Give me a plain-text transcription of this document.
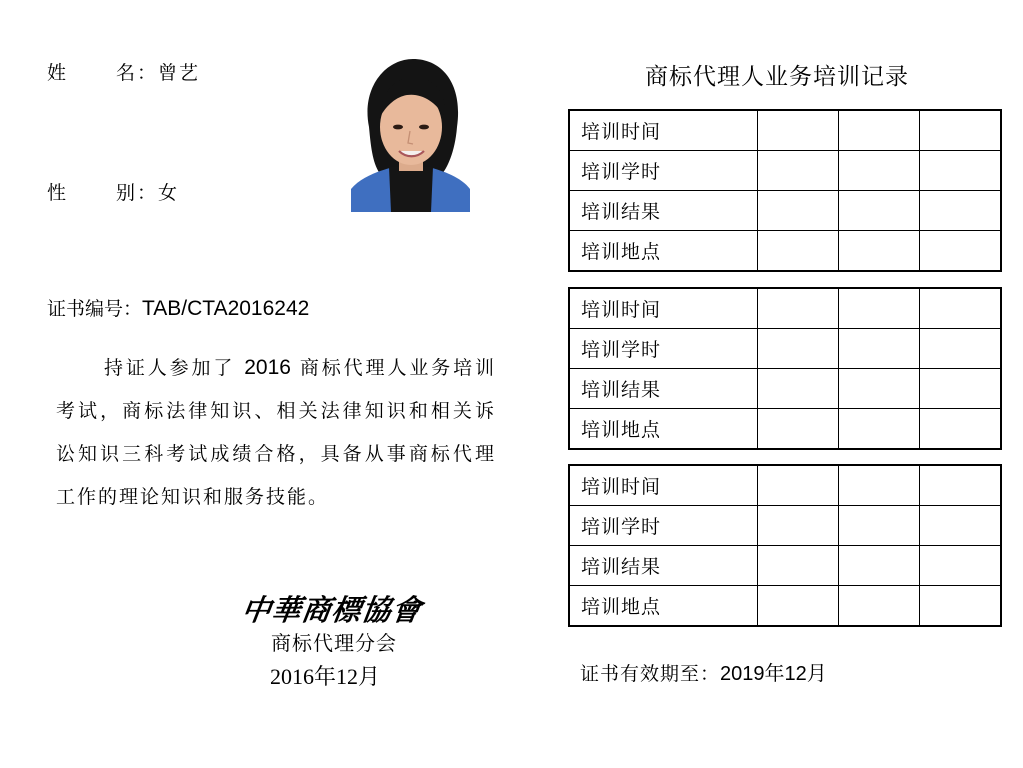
姓	名：曾艺
性	别：女
证书编号：TAB/CTA2016242
持证人参加了 2016 商标代理人业务培训考试，商标法律知识、相关法律知识和相关诉讼知识三科考试成绩合格，具备从事商标代理工作的理论知识和服务技能。
中華商標協會
商标代理分会
2016年12月
商标代理人业务培训记录
培训时间			
培训学时			
培训结果			
培训地点			
培训时间			
培训学时			
培训结果			
培训地点			
培训时间			
培训学时			
培训结果			
培训地点			
证书有效期至：2019年12月
